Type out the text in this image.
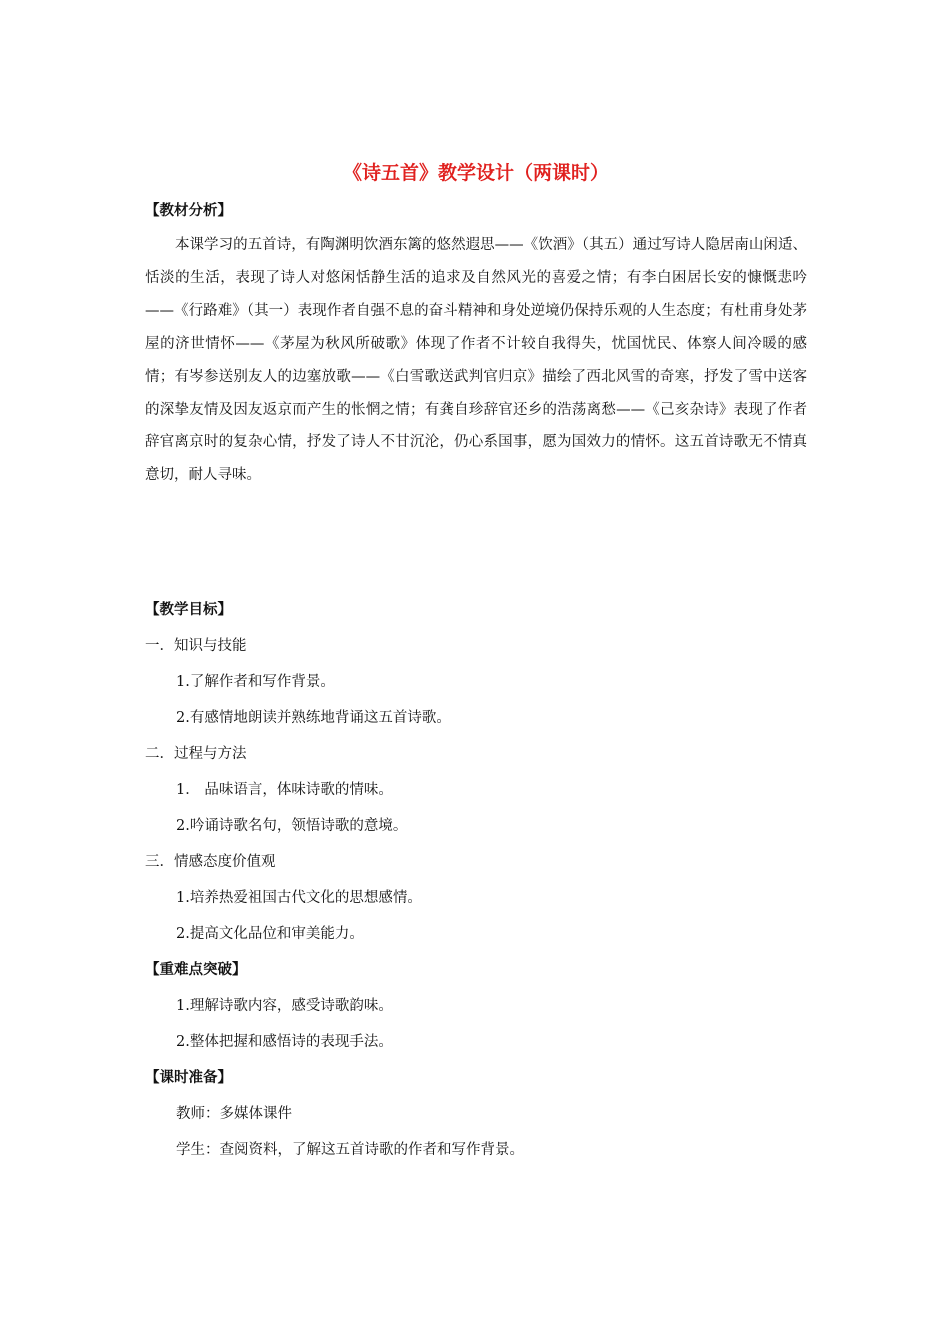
《诗五首》教学设计（两课时）
【教材分析】
本课学习的五首诗，有陶渊明饮酒东篱的悠然遐思——《饮酒》（其五）通过写诗人隐居南山闲适、恬淡的生活，表现了诗人对悠闲恬静生活的追求及自然风光的喜爱之情；有李白困居长安的慷慨悲吟——《行路难》（其一）表现作者自强不息的奋斗精神和身处逆境仍保持乐观的人生态度；有杜甫身处茅屋的济世情怀——《茅屋为秋风所破歌》体现了作者不计较自我得失，忧国忧民、体察人间冷暖的感情；有岑参送别友人的边塞放歌——《白雪歌送武判官归京》描绘了西北风雪的奇寒，抒发了雪中送客的深挚友情及因友返京而产生的怅惘之情；有龚自珍辞官还乡的浩荡离愁——《己亥杂诗》表现了作者辞官离京时的复杂心情，抒发了诗人不甘沉沦，仍心系国事，愿为国效力的情怀。这五首诗歌无不情真意切，耐人寻味。
【教学目标】
一．知识与技能
1.了解作者和写作背景。
2.有感情地朗读并熟练地背诵这五首诗歌。
二．过程与方法
1． 品味语言，体味诗歌的情味。
2.吟诵诗歌名句，领悟诗歌的意境。
三．情感态度价值观
1.培养热爱祖国古代文化的思想感情。
2.提高文化品位和审美能力。
【重难点突破】
1.理解诗歌内容，感受诗歌韵味。
2.整体把握和感悟诗的表现手法。
【课时准备】
教师：多媒体课件
学生：查阅资料，了解这五首诗歌的作者和写作背景。
